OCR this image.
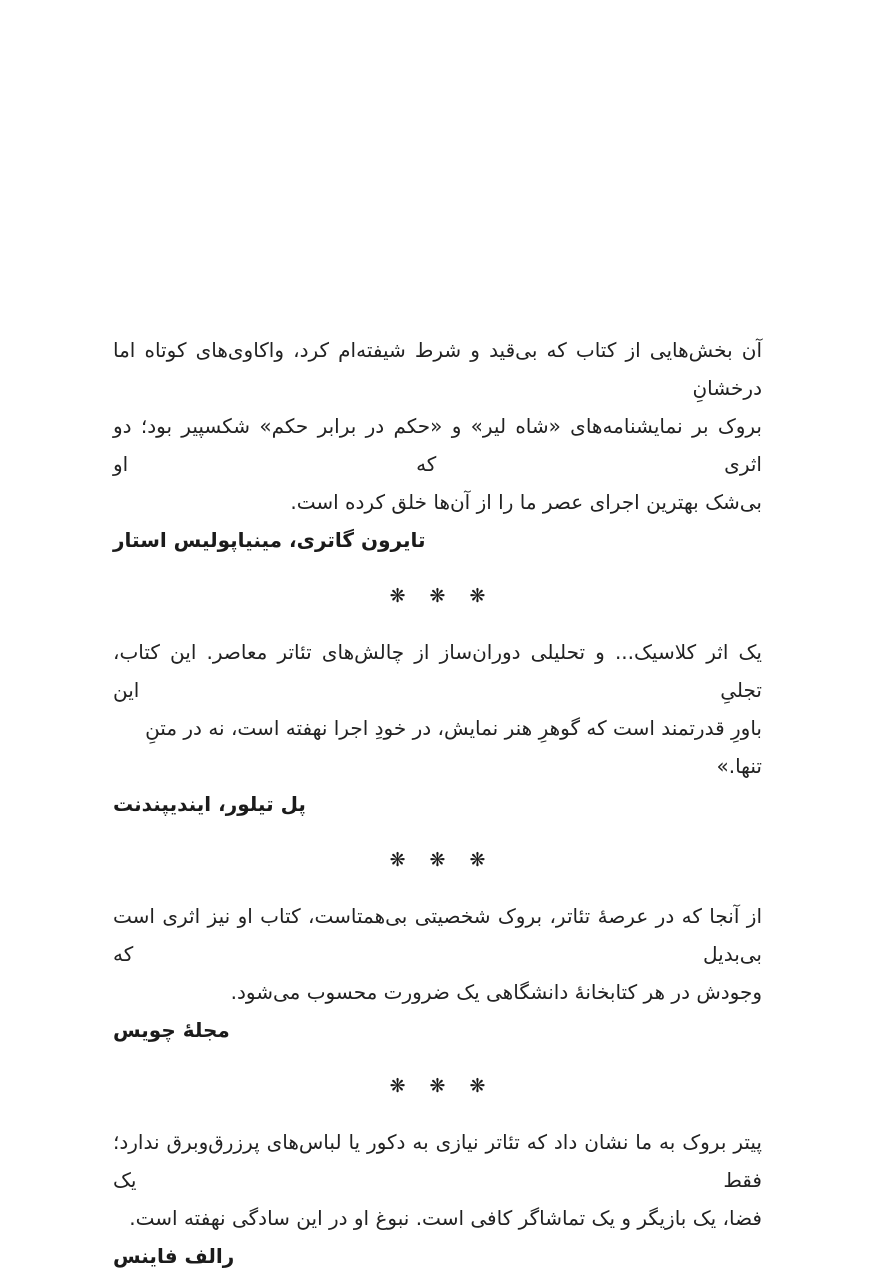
آن بخش‌هایی از کتاب که بی‌قید و شرط شیفته‌ام کرد، واکاوی‌های کوتاه اما درخشانِ

بروک بر نمایشنامه‌های «شاه لیر» و «حکم در برابر حکم» شکسپیر بود؛ دو اثری که او

بی‌شک بهترین اجرای عصر ما را از آن‌ها خلق کرده است.

تایرون گاتری، مینیاپولیس استار

❋ ❋ ❋

یک اثر کلاسیک... و تحلیلی دوران‌ساز از چالش‌های تئاتر معاصر. این کتاب، تجلیِ این

باورِ قدرتمند است که گوهرِ هنر نمایش، در خودِ اجرا نهفته است، نه در متنِ تنها.»

پل تیلور، ایندیپندنت

❋ ❋ ❋

از آنجا که در عرصۀ تئاتر، بروک شخصیتی بی‌همتاست، کتاب او نیز اثری است بی‌بدیل که

وجودش در هر کتابخانۀ دانشگاهی یک ضرورت محسوب می‌شود.

مجلۀ چویس

❋ ❋ ❋

پیتر بروک به ما نشان داد که تئاتر نیازی به دکور یا لباس‌های پرزرق‌وبرق ندارد؛ فقط یک

فضا، یک بازیگر و یک تماشاگر کافی است. نبوغ او در این سادگی نهفته است.

رالف فاینس
